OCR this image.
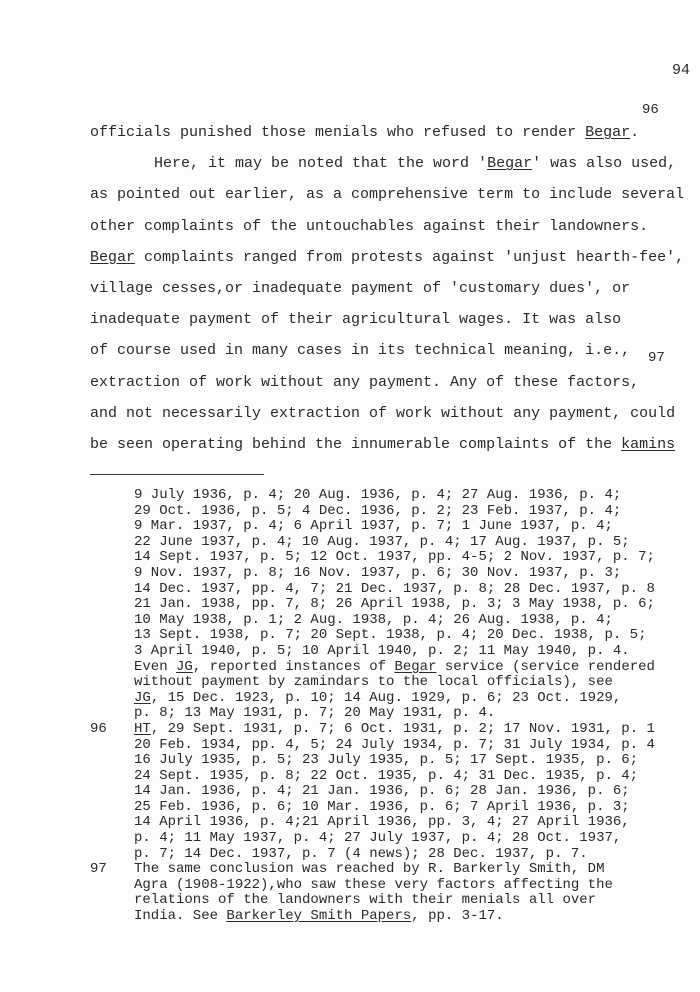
94
officials punished those menials who refused to render Begar.
96
Here, it may be noted that the word 'Begar' was also used,
as pointed out earlier, as a comprehensive term to include several
other complaints of the untouchables against their landowners.
Begar complaints ranged from protests against 'unjust hearth-fee',
village cesses,or inadequate payment of 'customary dues', or
inadequate payment of their agricultural wages. It was also
of course used in many cases in its technical meaning, i.e.,
extraction of work without any payment. Any of these factors,
97
and not necessarily extraction of work without any payment, could
be seen operating behind the innumerable complaints of the kamins
9 July 1936, p. 4; 20 Aug. 1936, p. 4; 27 Aug. 1936, p. 4;
29 Oct. 1936, p. 5; 4 Dec. 1936, p. 2; 23 Feb. 1937, p. 4;
9 Mar. 1937, p. 4; 6 April 1937, p. 7; 1 June 1937, p. 4;
22 June 1937, p. 4; 10 Aug. 1937, p. 4; 17 Aug. 1937, p. 5;
14 Sept. 1937, p. 5; 12 Oct. 1937, pp. 4-5; 2 Nov. 1937, p. 7;
9 Nov. 1937, p. 8; 16 Nov. 1937, p. 6; 30 Nov. 1937, p. 3;
14 Dec. 1937, pp. 4, 7; 21 Dec. 1937, p. 8; 28 Dec. 1937, p. 8
21 Jan. 1938, pp. 7, 8; 26 April 1938, p. 3; 3 May 1938, p. 6;
10 May 1938, p. 1; 2 Aug. 1938, p. 4; 26 Aug. 1938, p. 4;
13 Sept. 1938, p. 7; 20 Sept. 1938, p. 4; 20 Dec. 1938, p. 5;
3 April 1940, p. 5; 10 April 1940, p. 2; 11 May 1940, p. 4.
Even JG, reported instances of Begar service (service rendered
without payment by zamindars to the local officials), see
JG, 15 Dec. 1923, p. 10; 14 Aug. 1929, p. 6; 23 Oct. 1929,
p. 8; 13 May 1931, p. 7; 20 May 1931, p. 4.
96 HT, 29 Sept. 1931, p. 7; 6 Oct. 1931, p. 2; 17 Nov. 1931, p. 1
20 Feb. 1934, pp. 4, 5; 24 July 1934, p. 7; 31 July 1934, p. 4
16 July 1935, p. 5; 23 July 1935, p. 5; 17 Sept. 1935, p. 6;
24 Sept. 1935, p. 8; 22 Oct. 1935, p. 4; 31 Dec. 1935, p. 4;
14 Jan. 1936, p. 4; 21 Jan. 1936, p. 6; 28 Jan. 1936, p. 6;
25 Feb. 1936, p. 6; 10 Mar. 1936, p. 6; 7 April 1936, p. 3;
14 April 1936, p. 4;21 April 1936, pp. 3, 4; 27 April 1936,
p. 4; 11 May 1937, p. 4; 27 July 1937, p. 4; 28 Oct. 1937,
p. 7; 14 Dec. 1937, p. 7 (4 news); 28 Dec. 1937, p. 7.
97 The same conclusion was reached by R. Barkerly Smith, DM
Agra (1908-1922),who saw these very factors affecting the
relations of the landowners with their menials all over
India. See Barkerley Smith Papers, pp. 3-17.
